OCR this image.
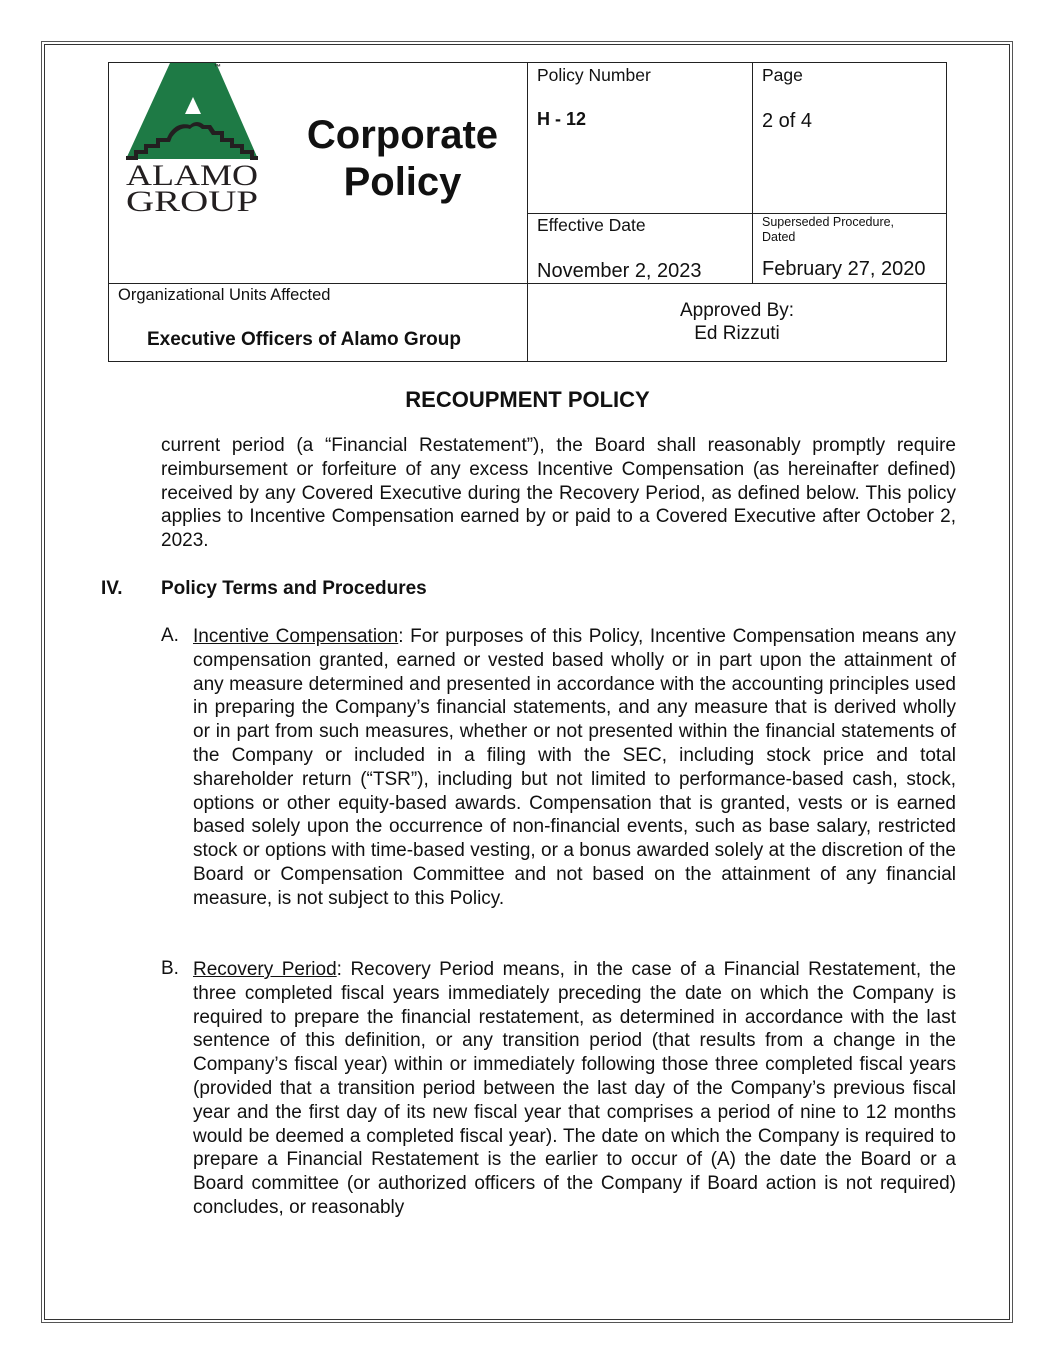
™
ALAMO
GROUP
Corporate
Policy
Policy Number
H - 12
Page
2 of 4
Effective Date
November 2, 2023
Superseded Procedure,
Dated
February 27, 2020
Organizational Units Affected
Executive Officers of Alamo Group
Approved By:
Ed Rizzuti
RECOUPMENT POLICY
current period (a “Financial Restatement”), the Board shall reasonably promptly require reimbursement or forfeiture of any excess Incentive Compensation (as hereinafter defined) received by any Covered Executive during the Recovery Period, as defined below. This policy applies to Incentive Compensation earned by or paid to a Covered Executive after October 2, 2023.
IV. Policy Terms and Procedures
A. Incentive Compensation: For purposes of this Policy, Incentive Compensation means any compensation granted, earned or vested based wholly or in part upon the attainment of any measure determined and presented in accordance with the accounting principles used in preparing the Company’s financial statements, and any measure that is derived wholly or in part from such measures, whether or not presented within the financial statements of the Company or included in a filing with the SEC, including stock price and total shareholder return (“TSR”), including but not limited to performance-based cash, stock, options or other equity-based awards. Compensation that is granted, vests or is earned based solely upon the occurrence of non-financial events, such as base salary, restricted stock or options with time-based vesting, or a bonus awarded solely at the discretion of the Board or Compensation Committee and not based on the attainment of any financial measure, is not subject to this Policy.
B. Recovery Period: Recovery Period means, in the case of a Financial Restatement, the three completed fiscal years immediately preceding the date on which the Company is required to prepare the financial restatement, as determined in accordance with the last sentence of this definition, or any transition period (that results from a change in the Company’s fiscal year) within or immediately following those three completed fiscal years (provided that a transition period between the last day of the Company’s previous fiscal year and the first day of its new fiscal year that comprises a period of nine to 12 months would be deemed a completed fiscal year). The date on which the Company is required to prepare a Financial Restatement is the earlier to occur of (A) the date the Board or a Board committee (or authorized officers of the Company if Board action is not required) concludes, or reasonably
